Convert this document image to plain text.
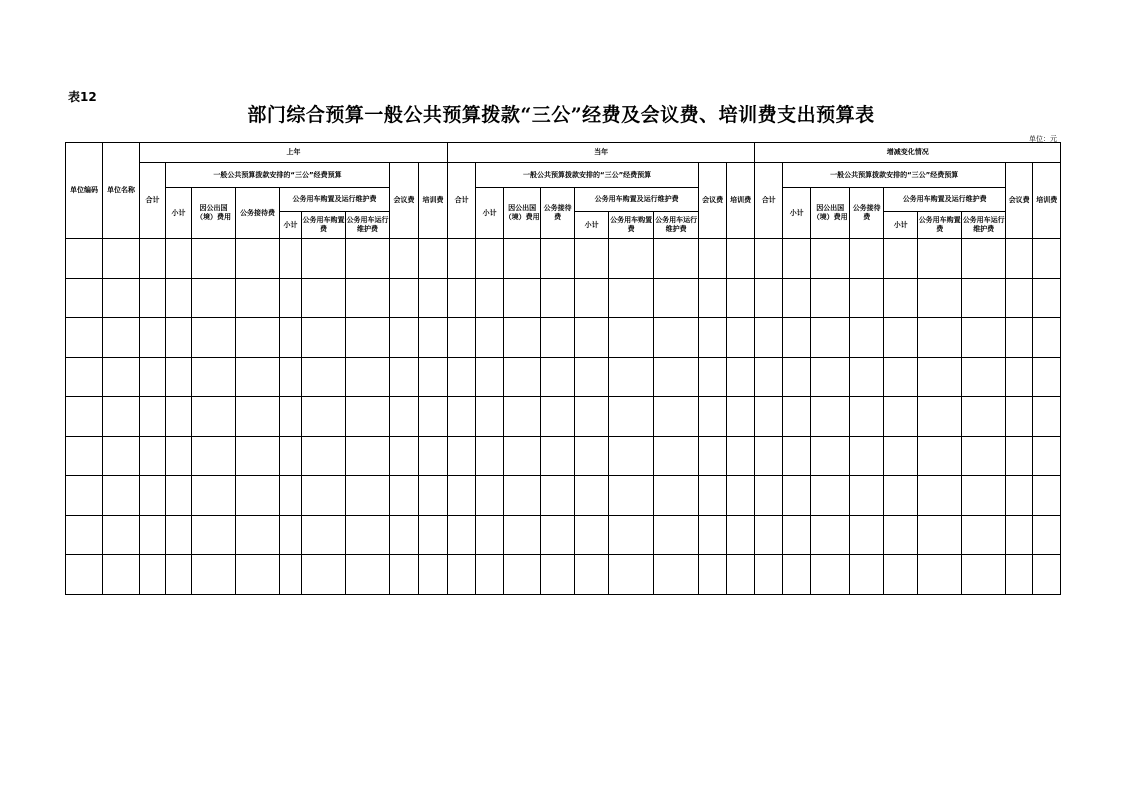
表12
部门综合预算一般公共预算拨款“三公”经费及会议费、培训费支出预算表
单位：元
单位编码	单位名称	上年									当年									增减变化情况								
		合计	一般公共预算拨款安排的“三公”经费预算						会议费	培训费	合计	一般公共预算拨款安排的“三公”经费预算						会议费	培训费	合计	一般公共预算拨款安排的“三公”经费预算						会议费	培训费
			小计	因公出国（境）费用	公务接待费	公务用车购置及运行维护费						小计	因公出国（境）费用	公务接待费	公务用车购置及运行维护费						小计	因公出国（境）费用	公务接待费	公务用车购置及运行维护费				
						小计	公务用车购置费	公务用车运行维护费							小计	公务用车购置费	公务用车运行维护费							小计	公务用车购置费	公务用车运行维护费		
